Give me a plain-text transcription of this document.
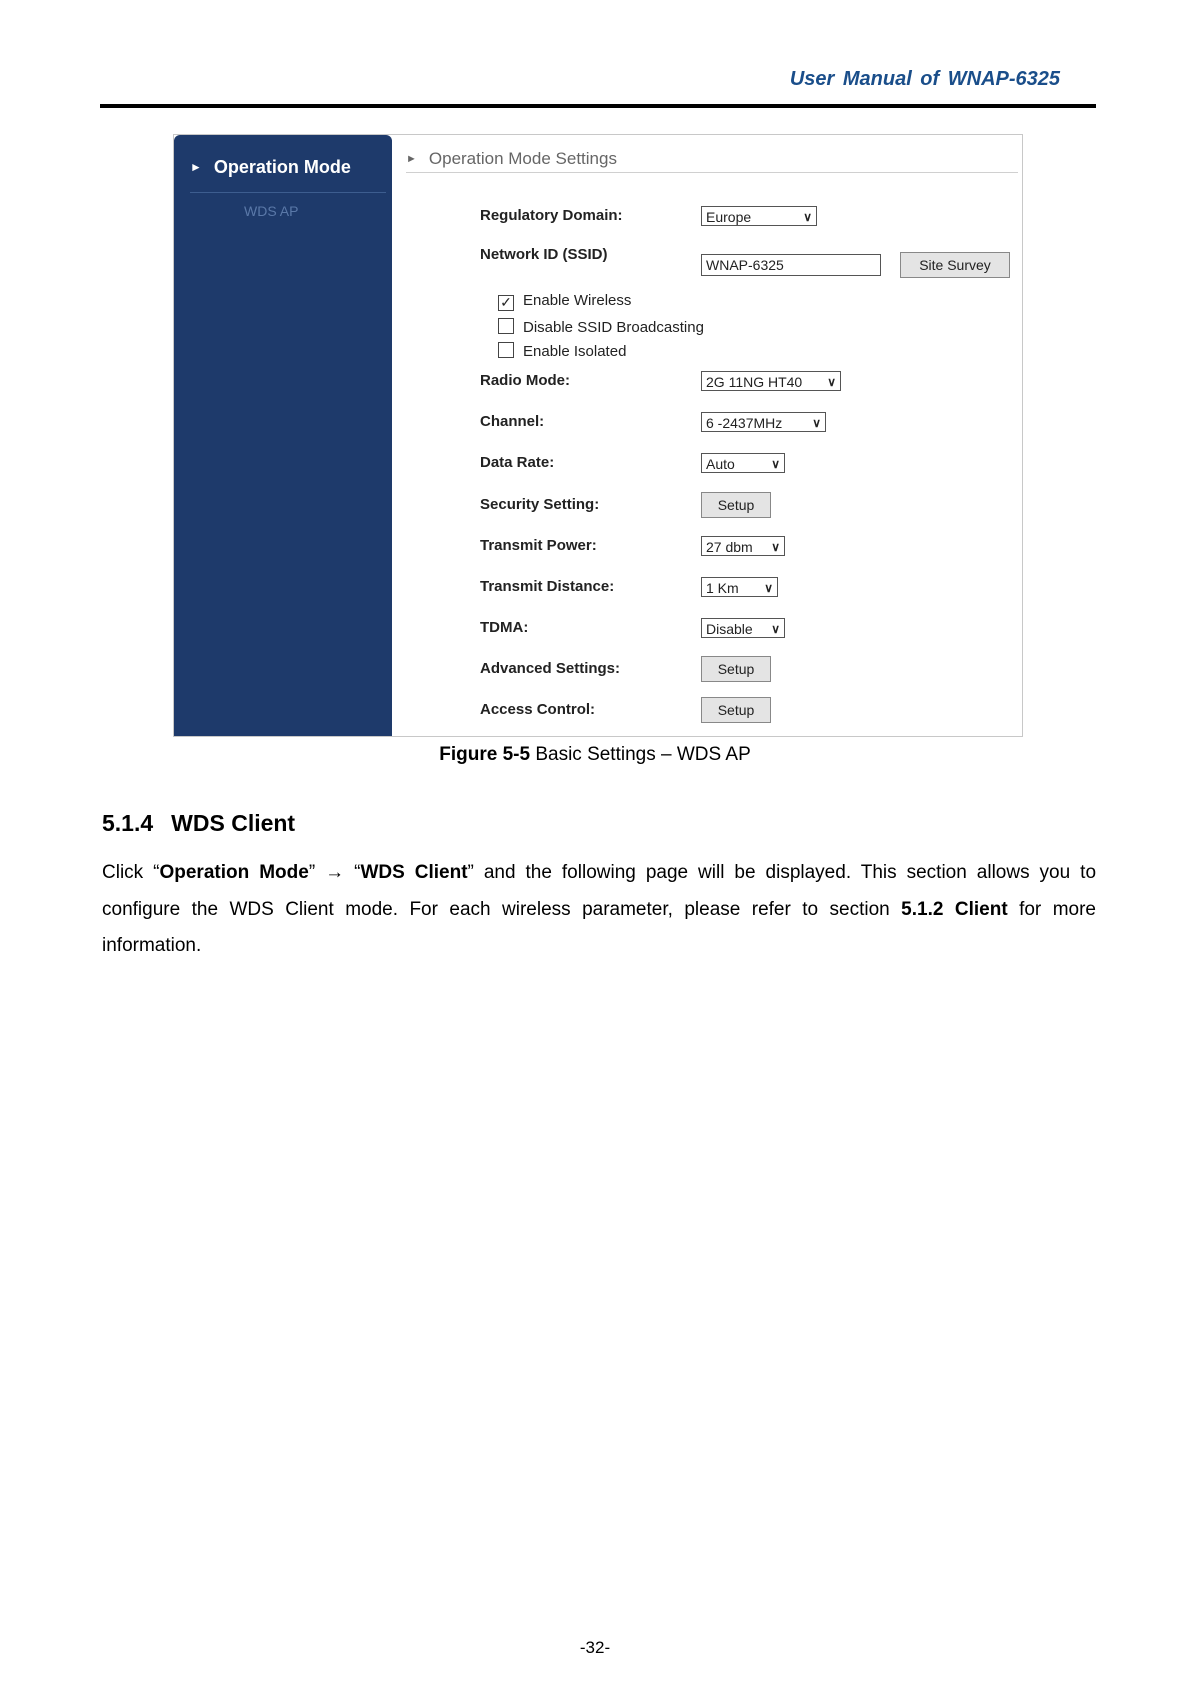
User Manual of WNAP-6325
► Operation Mode
WDS AP
► Operation Mode Settings
Regulatory Domain:	Europe	∨
Network ID (SSID)
WNAP-6325	Site Survey
✓ Enable Wireless
Disable SSID Broadcasting
Enable Isolated
Radio Mode:	2G 11NG HT40 ∨
Channel:	6 -2437MHz ∨
Data Rate:	Auto	∨
Security Setting:	Setup
Transmit Power:	27 dbm ∨
Transmit Distance:	1 Km ∨
TDMA:	Disable ∨
Advanced Settings:	Setup
Access Control:	Setup
Figure 5-5 Basic Settings – WDS AP
5.1.4 WDS Client
Click “Operation Mode” → “WDS Client” and the following page will be displayed. This section allows you to configure the WDS Client mode. For each wireless parameter, please refer to section 5.1.2 Client for more information.
-32-
